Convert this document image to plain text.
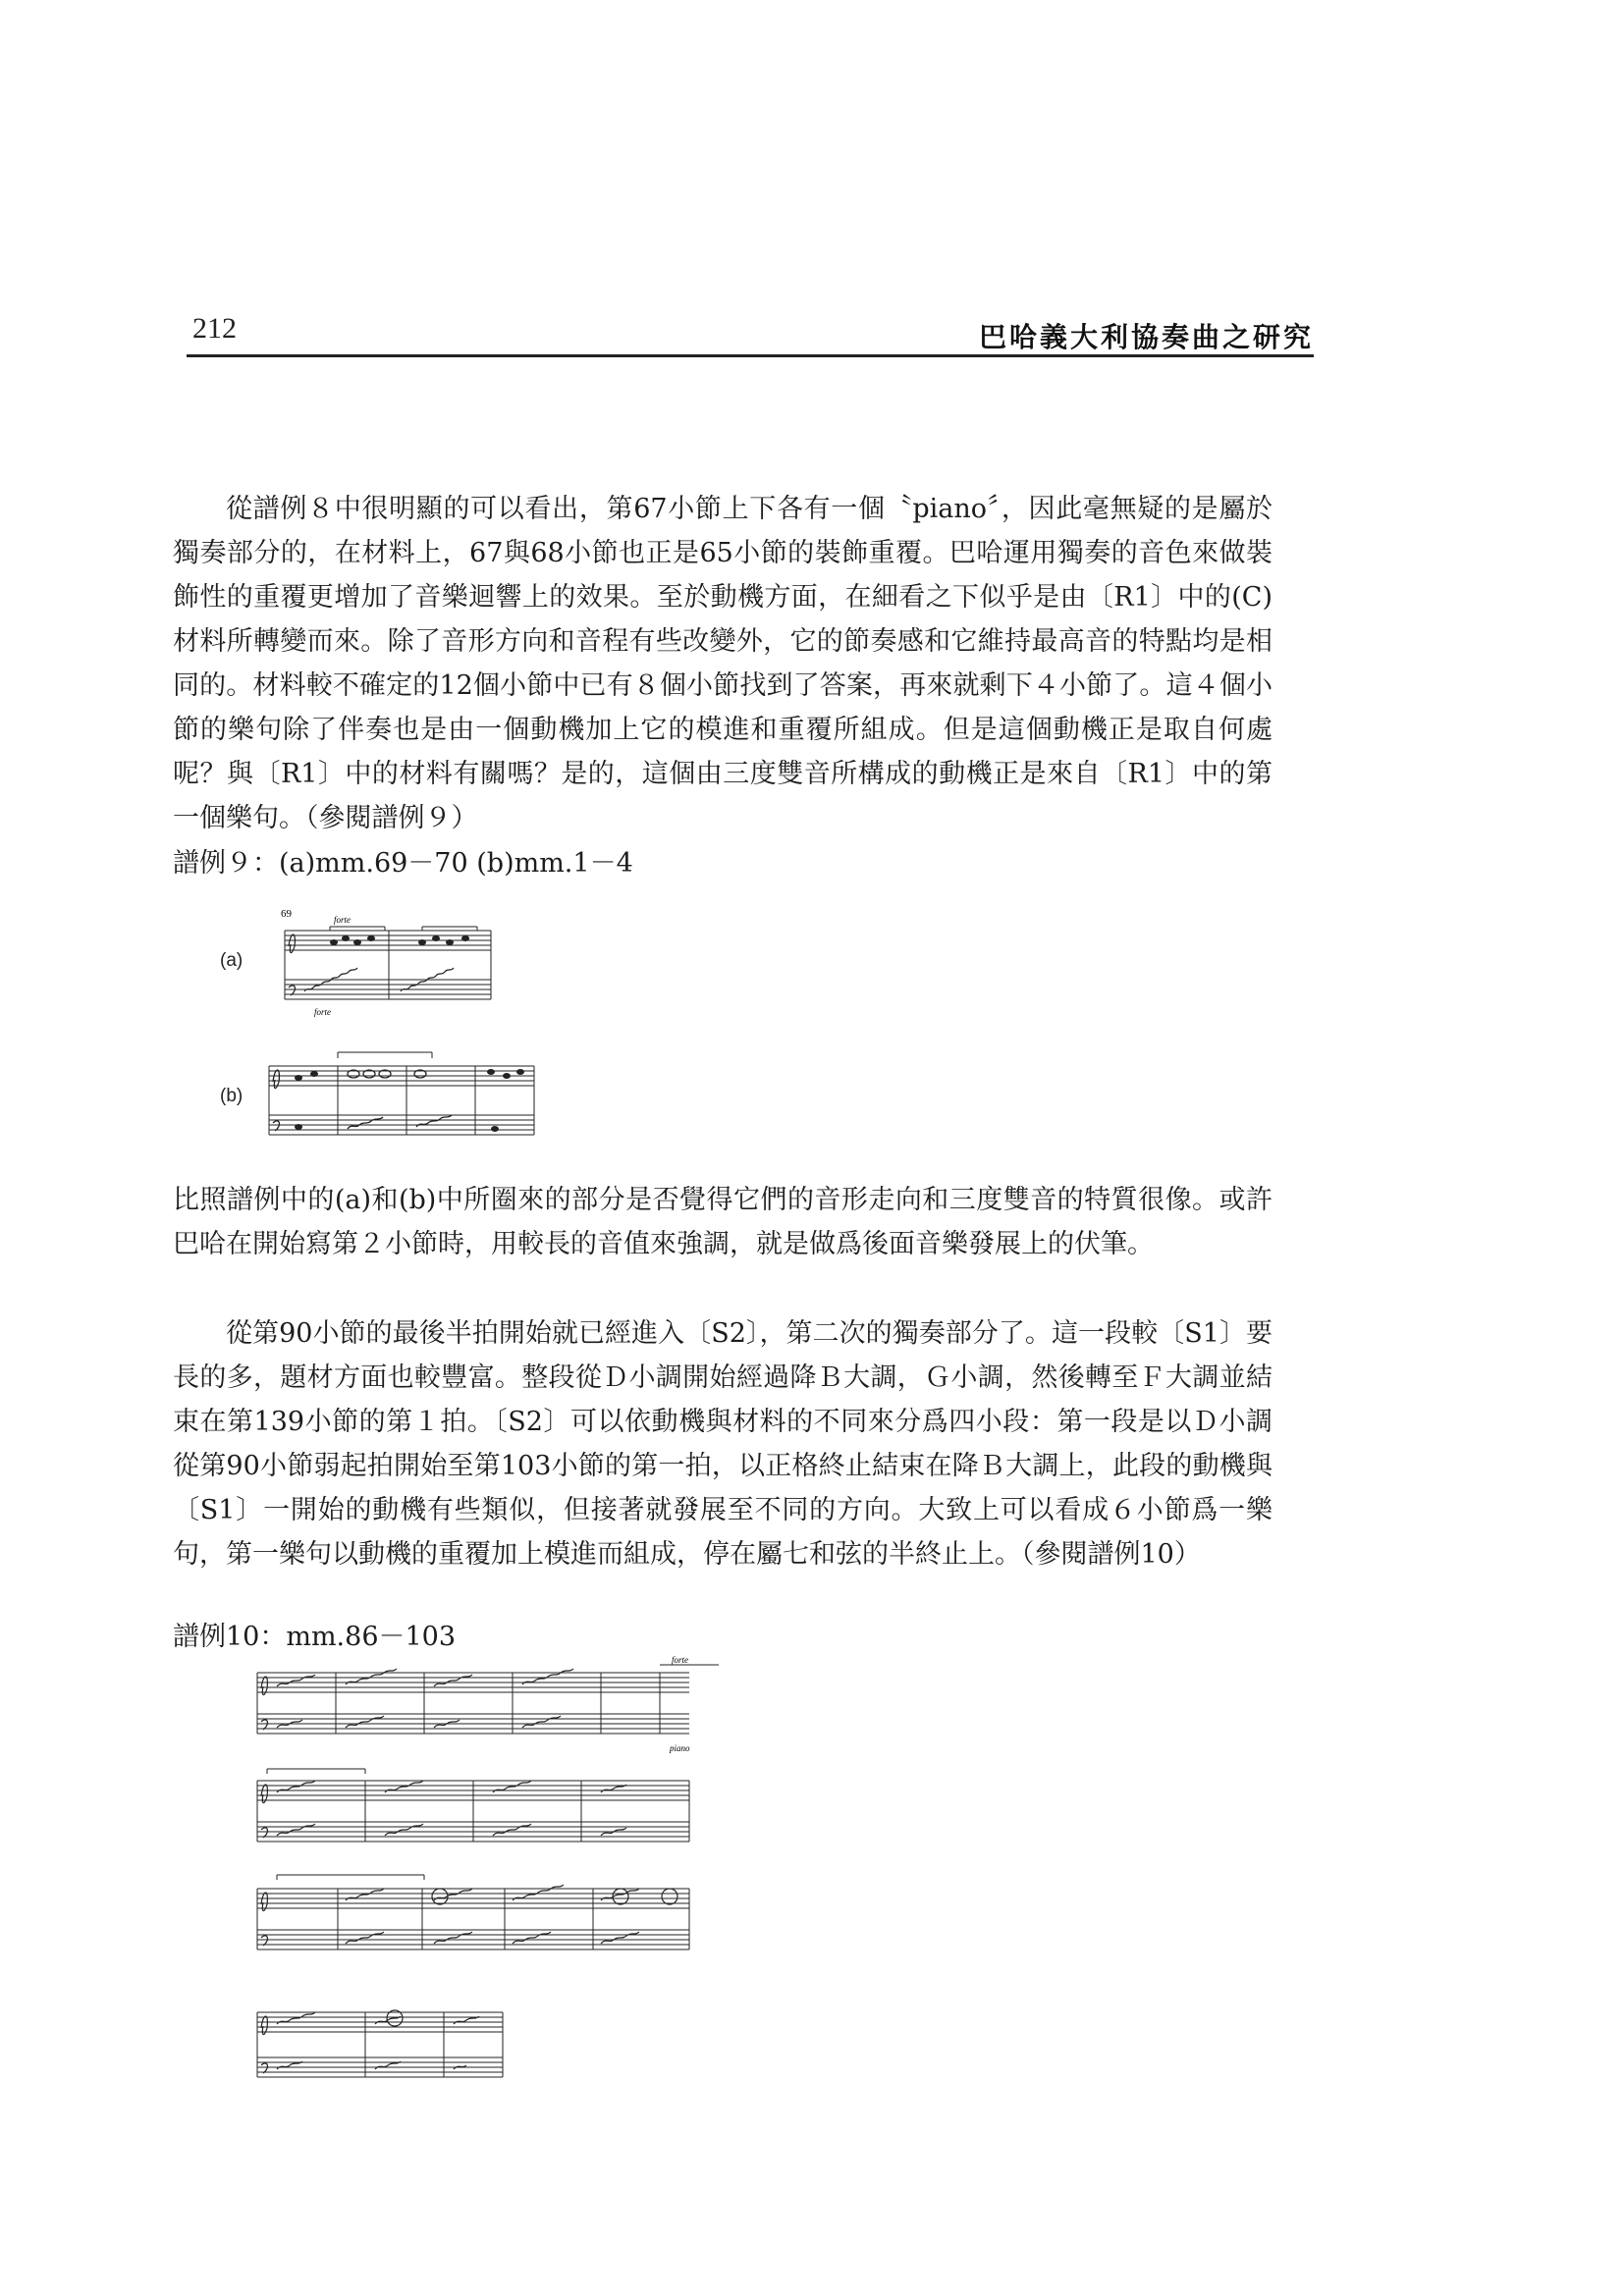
212	巴哈義大利協奏曲之研究

從譜例８中很明顯的可以看出，第67小節上下各有一個〝piano〞，因此毫無疑的是屬於獨奏部分的，在材料上，67與68小節也正是65小節的裝飾重覆。巴哈運用獨奏的音色來做裝飾性的重覆更增加了音樂迴響上的效果。至於動機方面，在細看之下似乎是由〔R1〕中的(C)材料所轉變而來。除了音形方向和音程有些改變外，它的節奏感和它維持最高音的特點均是相同的。材料較不確定的12個小節中已有８個小節找到了答案，再來就剩下４小節了。這４個小節的樂句除了伴奏也是由一個動機加上它的模進和重覆所組成。但是這個動機正是取自何處呢？與〔R1〕中的材料有關嗎？是的，這個由三度雙音所構成的動機正是來自〔R1〕中的第一個樂句。（參閱譜例９）

譜例９：(a)mm.69－70 (b)mm.1－4

(a)
69	forte
forte
(b)

比照譜例中的(a)和(b)中所圈來的部分是否覺得它們的音形走向和三度雙音的特質很像。或許巴哈在開始寫第２小節時，用較長的音值來強調，就是做爲後面音樂發展上的伏筆。

從第90小節的最後半拍開始就已經進入〔S2〕，第二次的獨奏部分了。這一段較〔S1〕要長的多，題材方面也較豐富。整段從Ｄ小調開始經過降Ｂ大調，Ｇ小調，然後轉至Ｆ大調並結束在第139小節的第１拍。〔S2〕可以依動機與材料的不同來分爲四小段：第一段是以Ｄ小調從第90小節弱起拍開始至第103小節的第一拍，以正格終止結束在降Ｂ大調上，此段的動機與〔S1〕一開始的動機有些類似，但接著就發展至不同的方向。大致上可以看成６小節爲一樂句，第一樂句以動機的重覆加上模進而組成，停在屬七和弦的半終止上。（參閱譜例10）

譜例10：mm.86－103

forte
piano
